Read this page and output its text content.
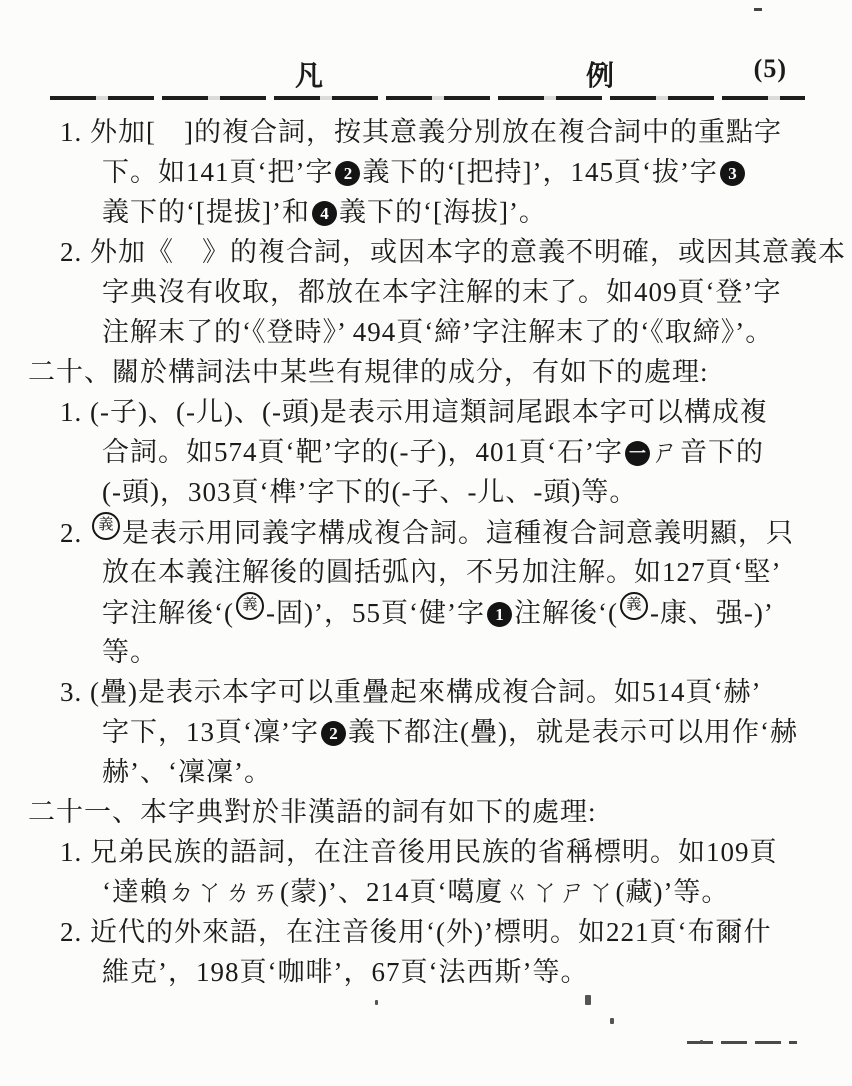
凡	例	(5)
1. 外加[　]的複合詞，按其意義分別放在複合詞中的重點字
下。如141頁‘把’字 2 義下的‘[把持]’，145頁‘拔’字 3
義下的‘[提拔]’和 4 義下的‘[海拔]’。
2. 外加《　》的複合詞，或因本字的意義不明確，或因其意義本
字典沒有收取，都放在本字注解的末了。如409頁‘登’字
注解末了的‘《登時》’ 494頁‘締’字注解末了的‘《取締》’。
二十、關於構詞法中某些有規律的成分，有如下的處理:
1. (-子)、(-儿)、(-頭)是表示用這類詞尾跟本字可以構成複
合詞。如574頁‘靶’字的(-子)，401頁‘石’字 一 ㄕ音下的
(-頭)，303頁‘榫’字下的(-子、-儿、-頭)等。
2. 義 是表示用同義字構成複合詞。這種複合詞意義明顯，只
放在本義注解後的圓括弧內，不另加注解。如127頁‘堅’
字注解後‘( 義 -固)’，55頁‘健’字 1 注解後‘( 義 -康、强-)’
等。
3. (疊)是表示本字可以重疊起來構成複合詞。如514頁‘赫’
字下，13頁‘凜’字 2 義下都注(疊)，就是表示可以用作‘赫
赫’、‘凜凜’。
二十一、本字典對於非漢語的詞有如下的處理:
1. 兄弟民族的語詞，在注音後用民族的省稱標明。如109頁
‘達賴ㄉㄚㄌㄞ(蒙)’、214頁‘噶廈ㄍㄚㄕㄚ(藏)’等。
2. 近代的外來語，在注音後用‘(外)’標明。如221頁‘布爾什
維克’，198頁‘咖啡’，67頁‘法西斯’等。
